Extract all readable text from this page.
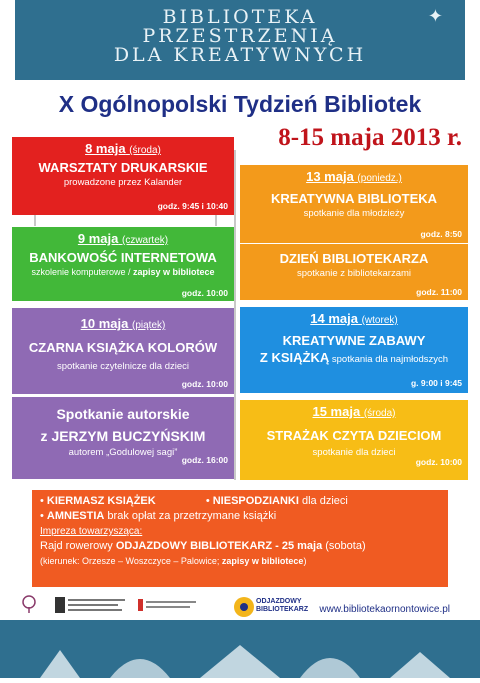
BIBLIOTEKA
PRZESTRZENIĄ
DLA KREATYWNYCH
✦
X Ogólnopolski Tydzień Bibliotek
8-15 maja 2013 r.
8 maja (środa)
WARSZTATY DRUKARSKIE
prowadzone przez Kalander
godz. 9:45 i 10:40
9 maja (czwartek)
BANKOWOŚĆ INTERNETOWA
szkolenie komputerowe / zapisy w bibliotece
godz. 10:00
10 maja (piątek)
CZARNA KSIĄŻKA KOLORÓW
spotkanie czytelnicze dla dzieci
godz. 10:00
Spotkanie autorskie
z JERZYM BUCZYŃSKIM
autorem „Godulowej sagi”
godz. 16:00
13 maja (poniedz.)
KREATYWNA BIBLIOTEKA
spotkanie dla młodzieży
godz. 8:50
DZIEŃ BIBLIOTEKARZA
spotkanie z bibliotekarzami
godz. 11:00
14 maja (wtorek)
KREATYWNE ZABAWY
Z KSIĄŻKĄ spotkania dla najmłodszych
g. 9:00 i 9:45
15 maja (środa)
STRAŻAK CZYTA DZIECIOM
spotkanie dla dzieci
godz. 10:00
• KIERMASZ KSIĄŻEK	• NIESPODZIANKI dla dzieci
• AMNESTIA brak opłat za przetrzymane książki
Impreza towarzysząca:
Rajd rowerowy ODJAZDOWY BIBLIOTEKARZ - 25 maja (sobota)
(kierunek: Orzesze – Woszczyce – Palowice; zapisy w bibliotece)
ODJAZDOWY BIBLIOTEKARZ	www.bibliotekaornontowice.pl
